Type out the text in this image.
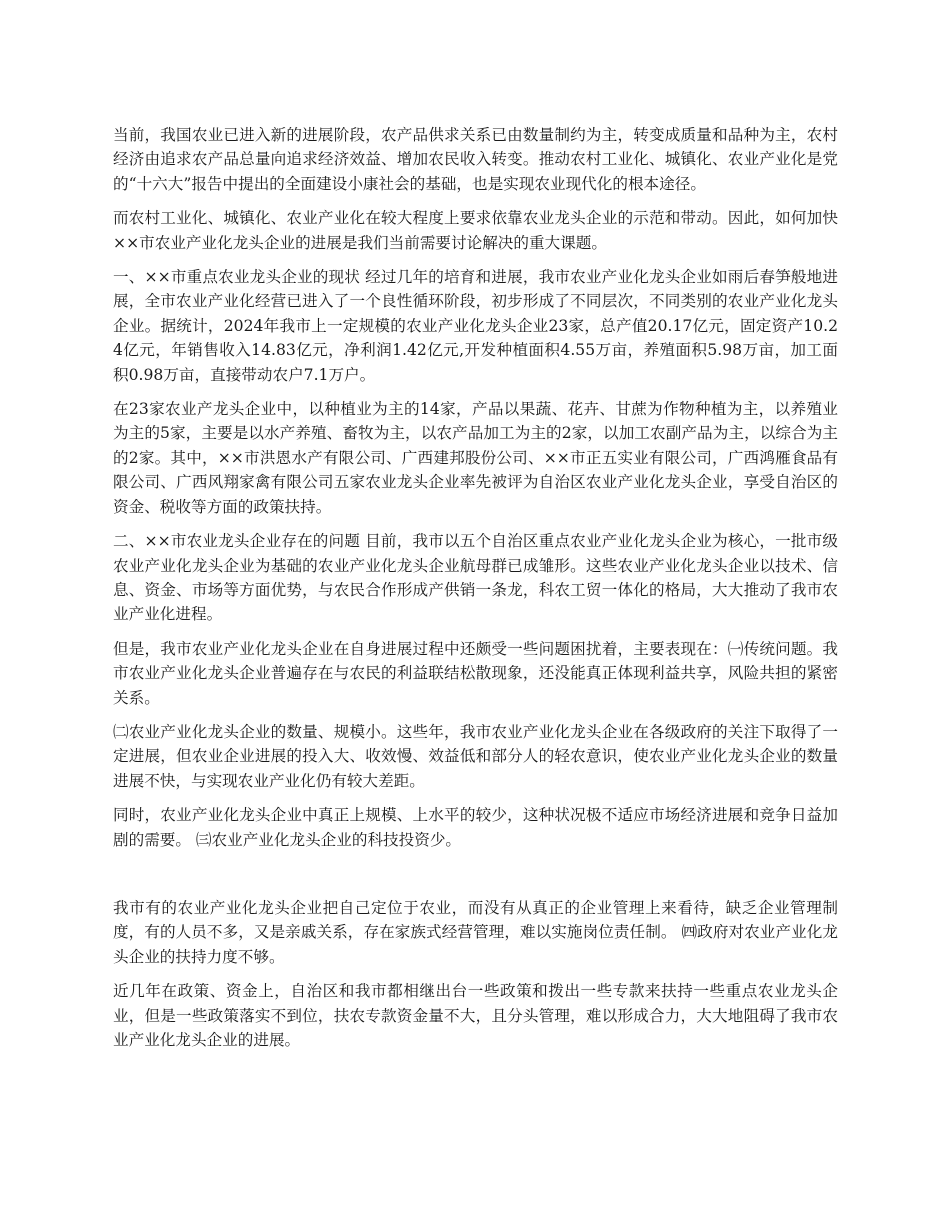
当前，我国农业已进入新的进展阶段，农产品供求关系已由数量制约为主，转变成质量和品种为主，农村经济由追求农产品总量向追求经济效益、增加农民收入转变。推动农村工业化、城镇化、农业产业化是党的“十六大”报告中提出的全面建设小康社会的基础，也是实现农业现代化的根本途径。

而农村工业化、城镇化、农业产业化在较大程度上要求依靠农业龙头企业的示范和带动。因此，如何加快××市农业产业化龙头企业的进展是我们当前需要讨论解决的重大课题。

一、××市重点农业龙头企业的现状 经过几年的培育和进展，我市农业产业化龙头企业如雨后春笋般地进展，全市农业产业化经营已进入了一个良性循环阶段，初步形成了不同层次，不同类别的农业产业化龙头企业。据统计，2024年我市上一定规模的农业产业化龙头企业23家，总产值20.17亿元，固定资产10.24亿元，年销售收入14.83亿元，净利润1.42亿元,开发种植面积4.55万亩，养殖面积5.98万亩，加工面积0.98万亩，直接带动农户7.1万户。

在23家农业产龙头企业中，以种植业为主的14家，产品以果蔬、花卉、甘蔗为作物种植为主，以养殖业为主的5家，主要是以水产养殖、畜牧为主，以农产品加工为主的2家，以加工农副产品为主，以综合为主的2家。其中，××市洪恩水产有限公司、广西建邦股份公司、××市正五实业有限公司，广西鸿雁食品有限公司、广西风翔家禽有限公司五家农业龙头企业率先被评为自治区农业产业化龙头企业，享受自治区的资金、税收等方面的政策扶持。

二、××市农业龙头企业存在的问题 目前，我市以五个自治区重点农业产业化龙头企业为核心，一批市级农业产业化龙头企业为基础的农业产业化龙头企业航母群已成雏形。这些农业产业化龙头企业以技术、信息、资金、市场等方面优势，与农民合作形成产供销一条龙，科农工贸一体化的格局，大大推动了我市农业产业化进程。

但是，我市农业产业化龙头企业在自身进展过程中还颇受一些问题困扰着，主要表现在：㈠传统问题。我市农业产业化龙头企业普遍存在与农民的利益联结松散现象，还没能真正体现利益共享，风险共担的紧密关系。

㈡农业产业化龙头企业的数量、规模小。这些年，我市农业产业化龙头企业在各级政府的关注下取得了一定进展，但农业企业进展的投入大、收效慢、效益低和部分人的轻农意识，使农业产业化龙头企业的数量进展不快，与实现农业产业化仍有较大差距。

同时，农业产业化龙头企业中真正上规模、上水平的较少，这种状况极不适应市场经济进展和竞争日益加剧的需要。 ㈢农业产业化龙头企业的科技投资少。

我市有的农业产业化龙头企业把自己定位于农业，而没有从真正的企业管理上来看待，缺乏企业管理制度，有的人员不多，又是亲戚关系，存在家族式经营管理，难以实施岗位责任制。 ㈣政府对农业产业化龙头企业的扶持力度不够。

近几年在政策、资金上，自治区和我市都相继出台一些政策和拨出一些专款来扶持一些重点农业龙头企业，但是一些政策落实不到位，扶农专款资金量不大，且分头管理，难以形成合力，大大地阻碍了我市农业产业化龙头企业的进展。
